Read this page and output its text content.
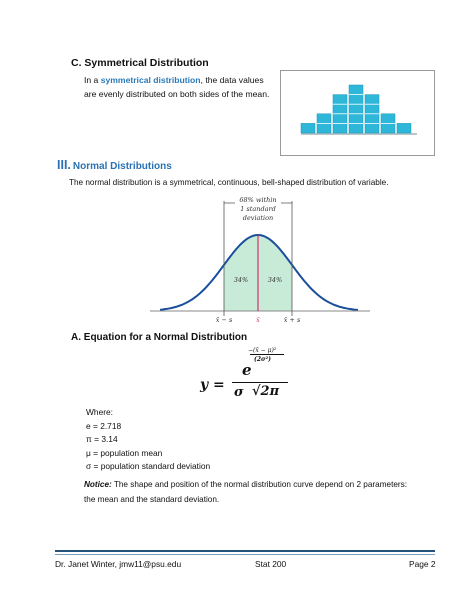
C. Symmetrical Distribution
In a symmetrical distribution, the data values
are evenly distributed on both sides of the mean.
III. Normal Distributions
The normal distribution is a symmetrical, continuous, bell-shaped distribution of variable.
68% within
1 standard
deviation
34%	34%
x̄ − s	x̄	x̄ + s
A. Equation for a Normal Distribution
y =
−(x̄ − μ)²
(2σ²)
e
σ √2π
Where:
e = 2.718
π = 3.14
μ = population mean
σ = population standard deviation
Notice: The shape and position of the normal distribution curve depend on 2 parameters:
the mean and the standard deviation.
Dr. Janet Winter, jmw11@psu.edu	Stat 200	Page 2
